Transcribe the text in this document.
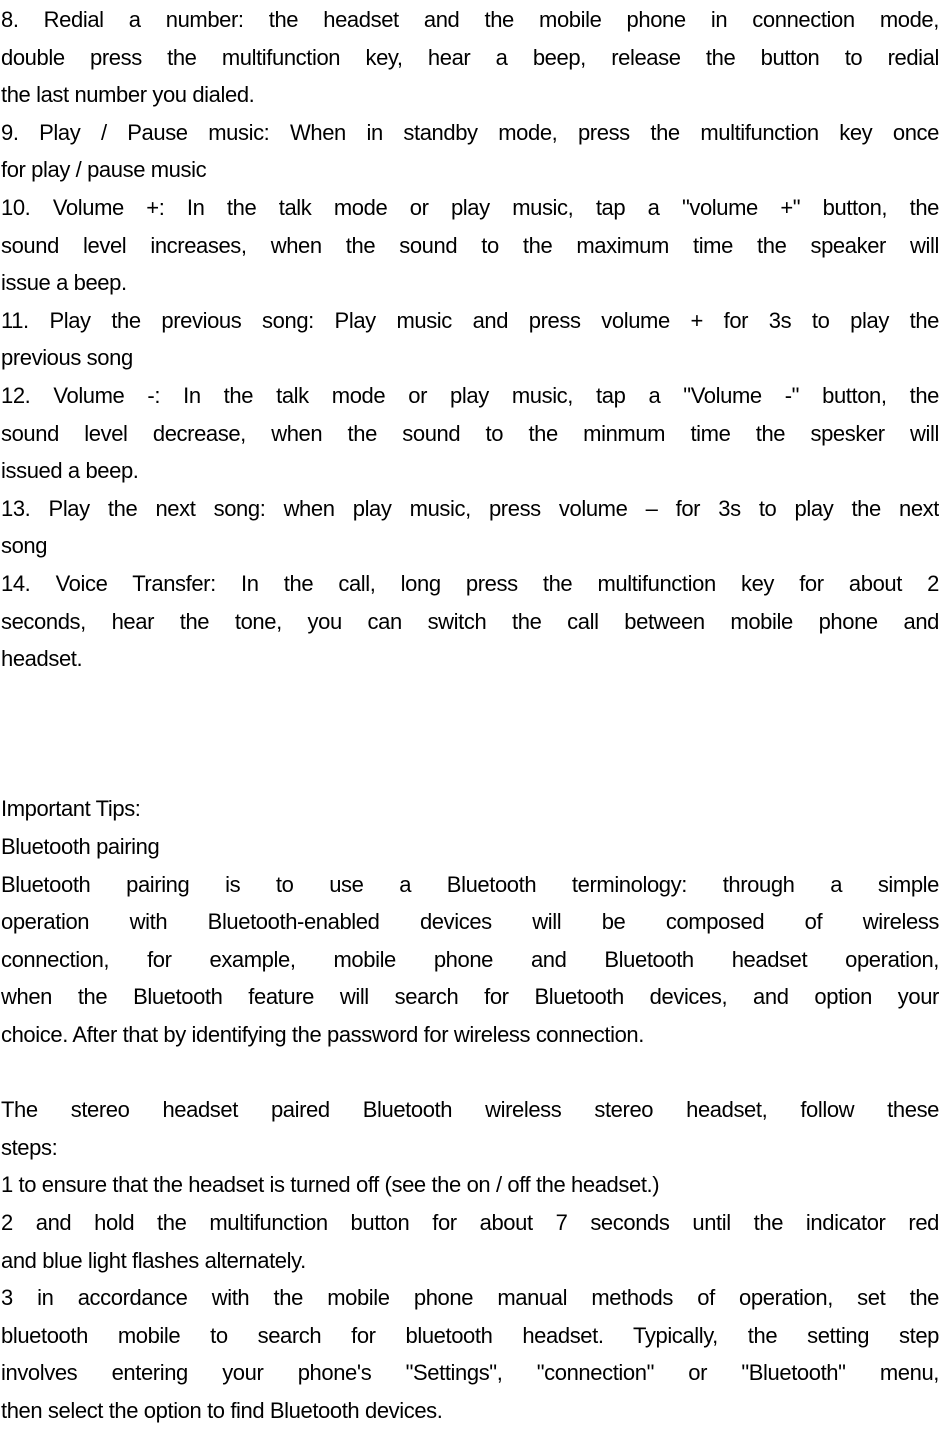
8. Redial a number: the headset and the mobile phone in connection mode,
double press the multifunction key, hear a beep, release the button to redial
the last number you dialed.
9. Play / Pause music: When in standby mode, press the multifunction key once
for play / pause music
10. Volume +: In the talk mode or play music, tap a "volume +" button, the
sound level increases, when the sound to the maximum time the speaker will
issue a beep.
11. Play the previous song: Play music and press volume + for 3s to play the
previous song
12. Volume -: In the talk mode or play music, tap a "Volume -" button, the
sound level decrease, when the sound to the minmum time the spesker will
issued a beep.
13. Play the next song: when play music, press volume – for 3s to play the next
song
14. Voice Transfer: In the call, long press the multifunction key for about 2
seconds, hear the tone, you can switch the call between mobile phone and
headset.
Important Tips:
Bluetooth pairing
Bluetooth pairing is to use a Bluetooth terminology: through a simple
operation with Bluetooth-enabled devices will be composed of wireless
connection, for example, mobile phone and Bluetooth headset operation,
when the Bluetooth feature will search for Bluetooth devices, and option your
choice. After that by identifying the password for wireless connection.
The stereo headset paired Bluetooth wireless stereo headset, follow these
steps:
1 to ensure that the headset is turned off (see the on / off the headset.)
2 and hold the multifunction button for about 7 seconds until the indicator red
and blue light flashes alternately.
3 in accordance with the mobile phone manual methods of operation, set the
bluetooth mobile to search for bluetooth headset. Typically, the setting step
involves entering your phone's "Settings", "connection" or "Bluetooth" menu,
then select the option to find Bluetooth devices.
